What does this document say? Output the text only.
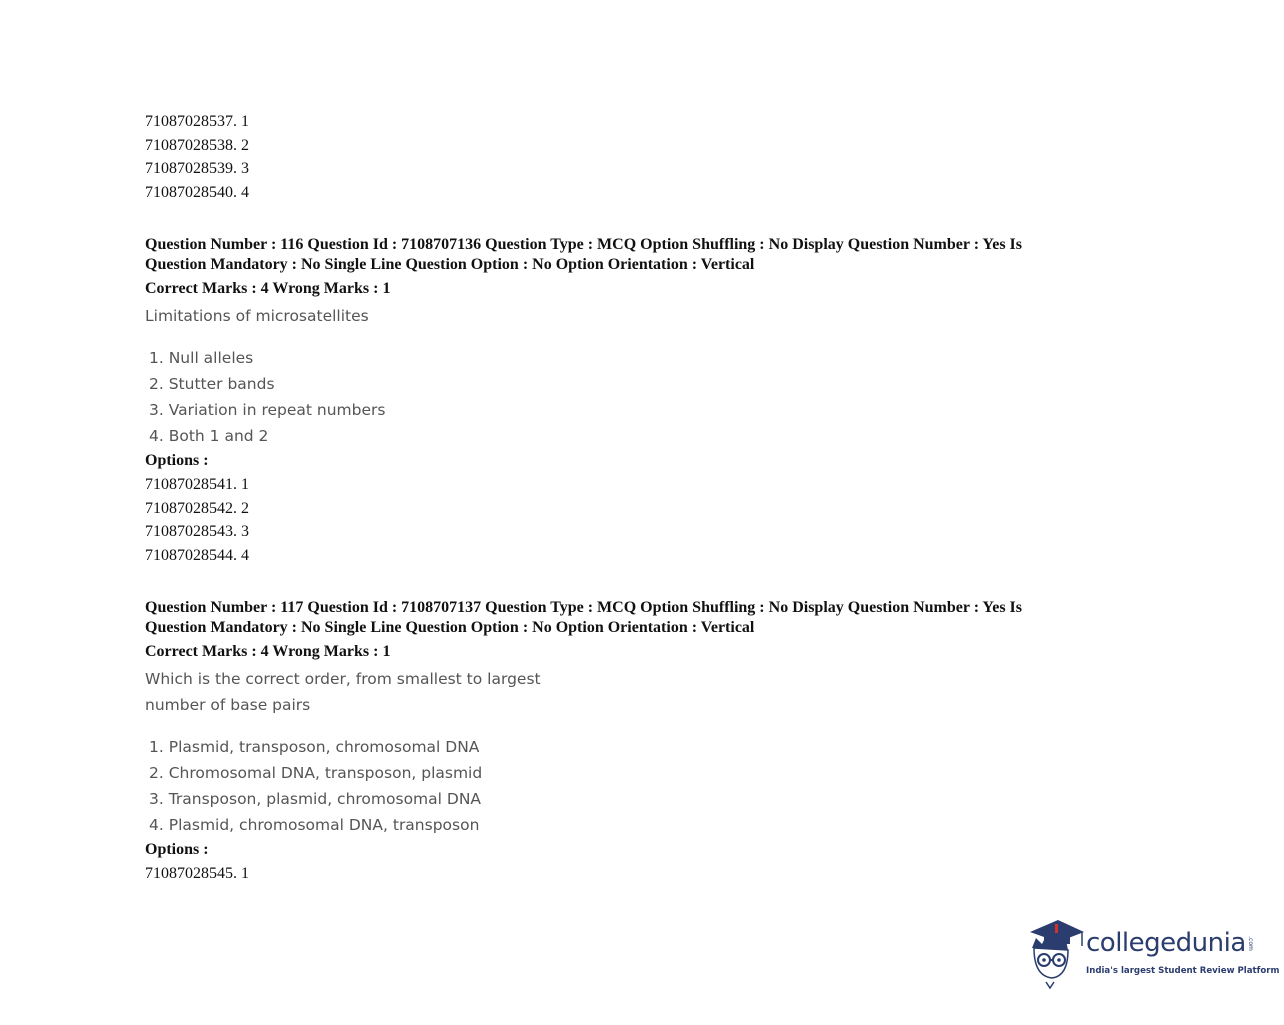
71087028537. 1
71087028538. 2
71087028539. 3
71087028540. 4
Question Number : 116 Question Id : 7108707136 Question Type : MCQ Option Shuffling : No Display Question Number : Yes Is
Question Mandatory : No Single Line Question Option : No Option Orientation : Vertical
Correct Marks : 4 Wrong Marks : 1
Limitations of microsatellites
1. Null alleles
2. Stutter bands
3. Variation in repeat numbers
4. Both 1 and 2
Options :
71087028541. 1
71087028542. 2
71087028543. 3
71087028544. 4
Question Number : 117 Question Id : 7108707137 Question Type : MCQ Option Shuffling : No Display Question Number : Yes Is
Question Mandatory : No Single Line Question Option : No Option Orientation : Vertical
Correct Marks : 4 Wrong Marks : 1
Which is the correct order, from smallest to largest
number of base pairs
1. Plasmid, transposon, chromosomal DNA
2. Chromosomal DNA, transposon, plasmid
3. Transposon, plasmid, chromosomal DNA
4. Plasmid, chromosomal DNA, transposon
Options :
71087028545. 1
collegedunia .com
India's largest Student Review Platform
